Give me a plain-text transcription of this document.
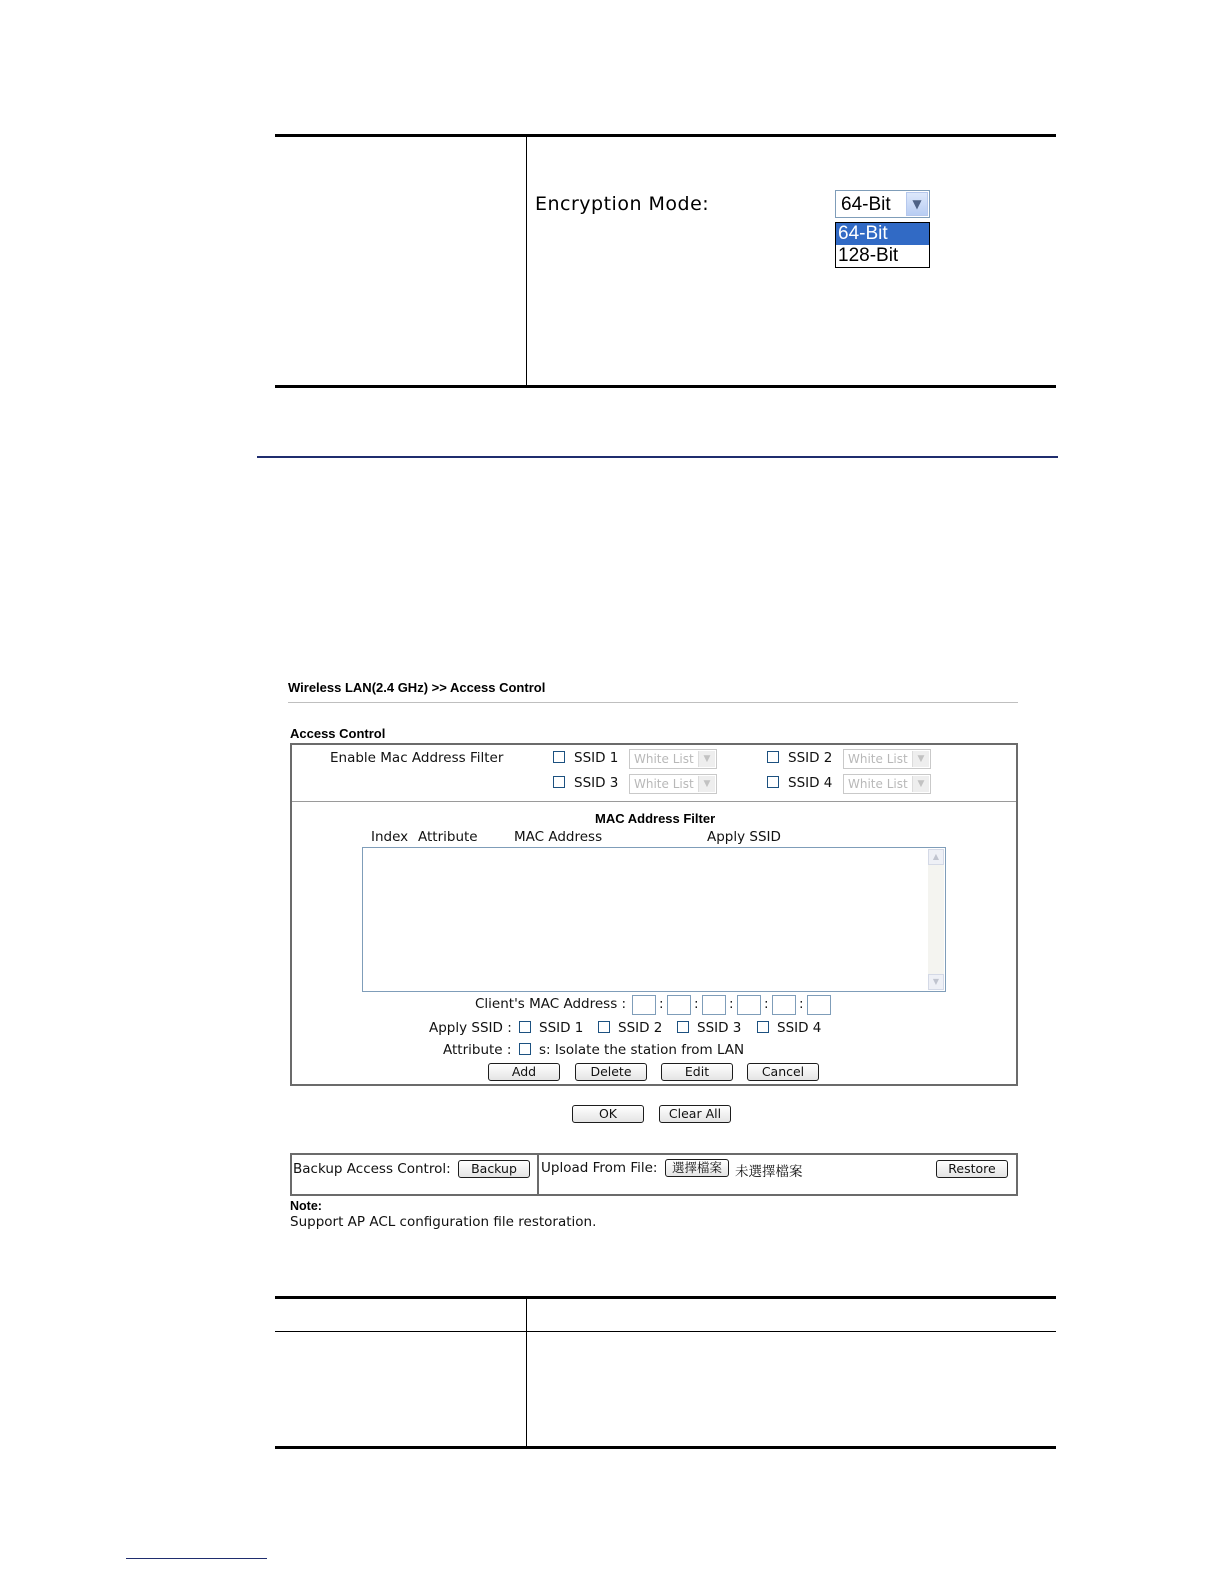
Encryption Mode:	64-Bit	▼
64-Bit
128-Bit
Wireless LAN(2.4 GHz) >> Access Control
Access Control
Enable Mac Address Filter	SSID 1 White List	▼	SSID 2 White List	▼
SSID 3 White List	▼	SSID 4 White List	▼
MAC Address Filter
Index Attribute	MAC Address	Apply SSID
▲
▼
Client's MAC Address : : : : : :
Apply SSID : SSID 1	SSID 2	SSID 3	SSID 4
Attribute : s: Isolate the station from LAN
Add	Delete	Edit	Cancel
OK	Clear All
Backup Access Control:	Backup	Upload From File:	選擇檔案 未選擇檔案	Restore
Note:
Support AP ACL configuration file restoration.
